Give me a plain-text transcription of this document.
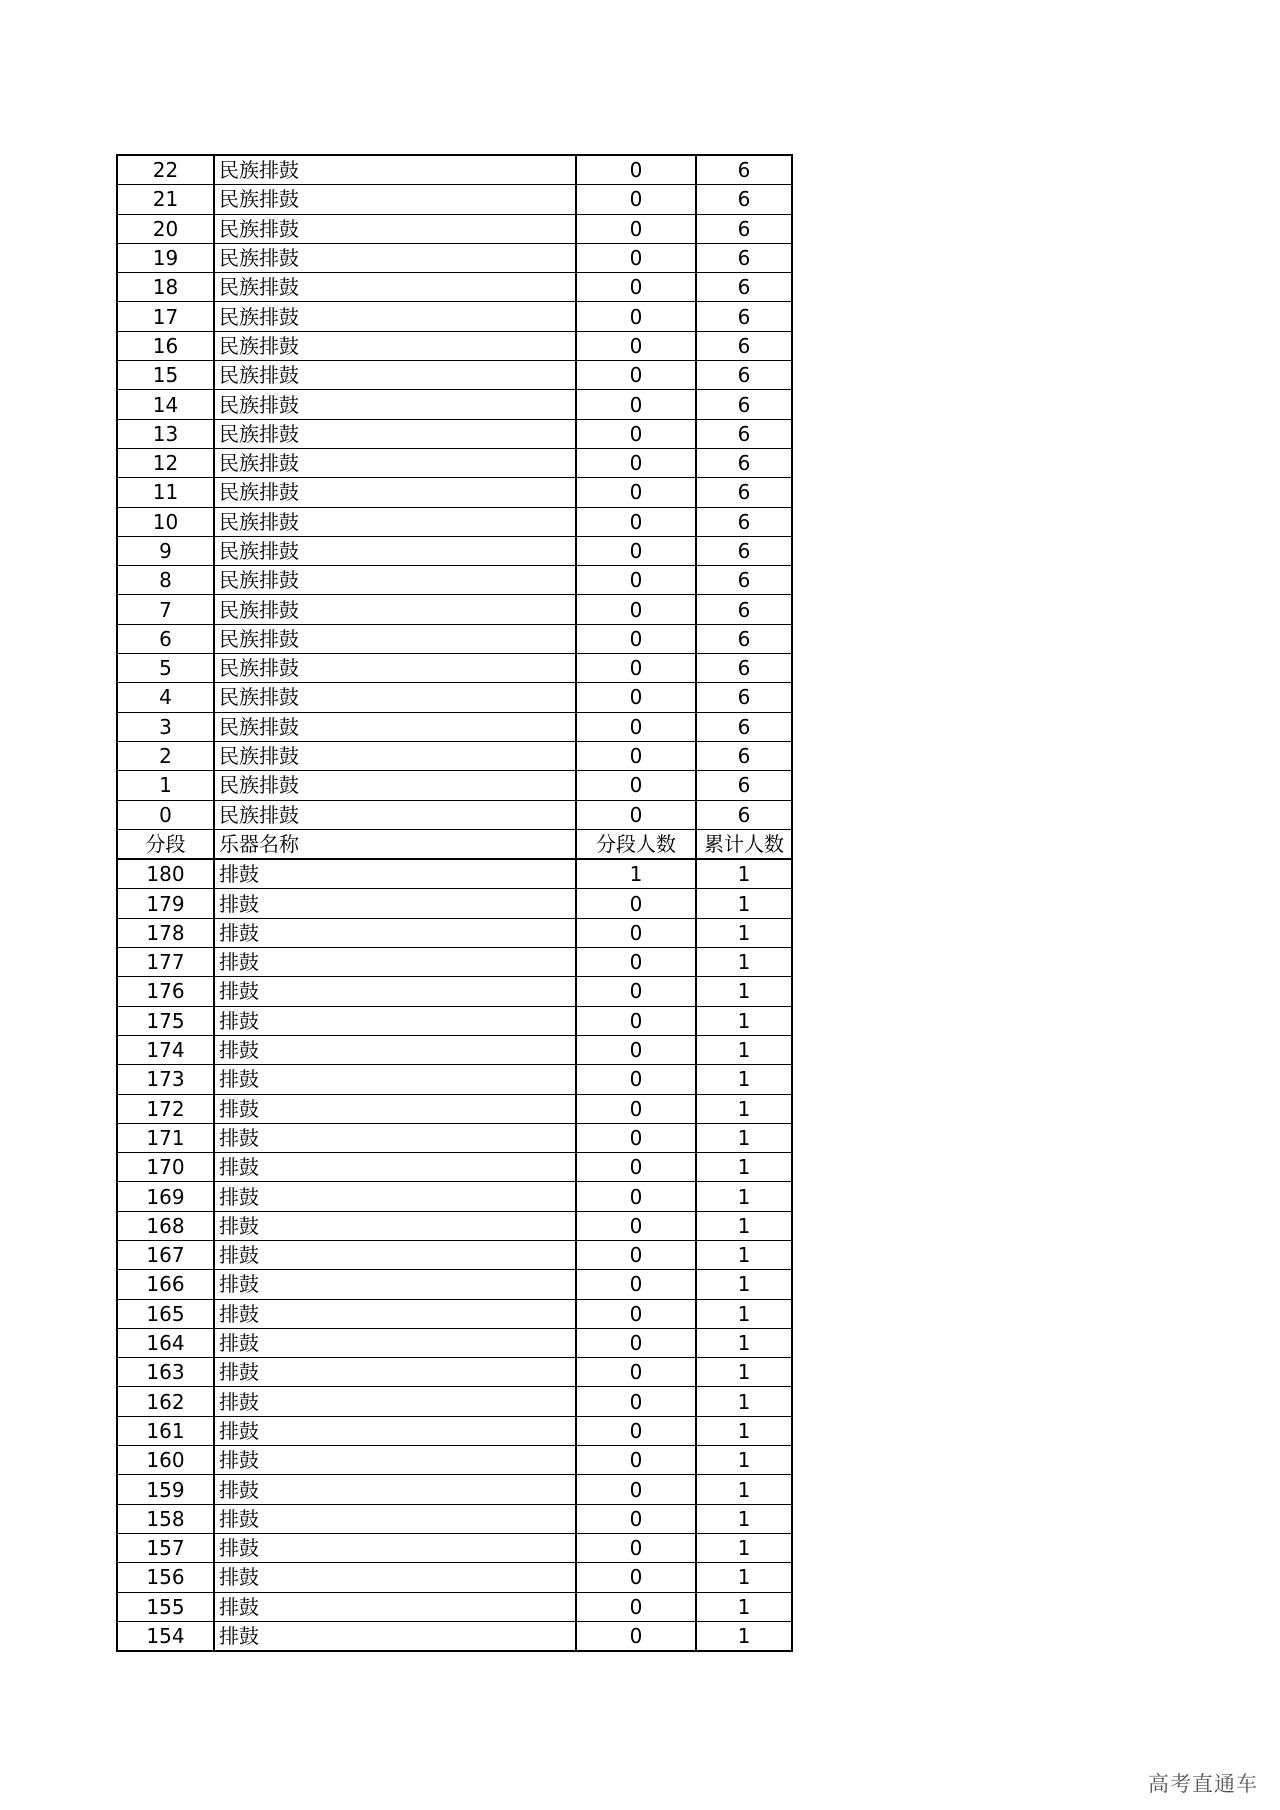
22	民族排鼓	0	6
21	民族排鼓	0	6
20	民族排鼓	0	6
19	民族排鼓	0	6
18	民族排鼓	0	6
17	民族排鼓	0	6
16	民族排鼓	0	6
15	民族排鼓	0	6
14	民族排鼓	0	6
13	民族排鼓	0	6
12	民族排鼓	0	6
11	民族排鼓	0	6
10	民族排鼓	0	6
9	民族排鼓	0	6
8	民族排鼓	0	6
7	民族排鼓	0	6
6	民族排鼓	0	6
5	民族排鼓	0	6
4	民族排鼓	0	6
3	民族排鼓	0	6
2	民族排鼓	0	6
1	民族排鼓	0	6
0	民族排鼓	0	6
分段	乐器名称	分段人数	累计人数
180	排鼓	1	1
179	排鼓	0	1
178	排鼓	0	1
177	排鼓	0	1
176	排鼓	0	1
175	排鼓	0	1
174	排鼓	0	1
173	排鼓	0	1
172	排鼓	0	1
171	排鼓	0	1
170	排鼓	0	1
169	排鼓	0	1
168	排鼓	0	1
167	排鼓	0	1
166	排鼓	0	1
165	排鼓	0	1
164	排鼓	0	1
163	排鼓	0	1
162	排鼓	0	1
161	排鼓	0	1
160	排鼓	0	1
159	排鼓	0	1
158	排鼓	0	1
157	排鼓	0	1
156	排鼓	0	1
155	排鼓	0	1
154	排鼓	0	1
高考直通车
